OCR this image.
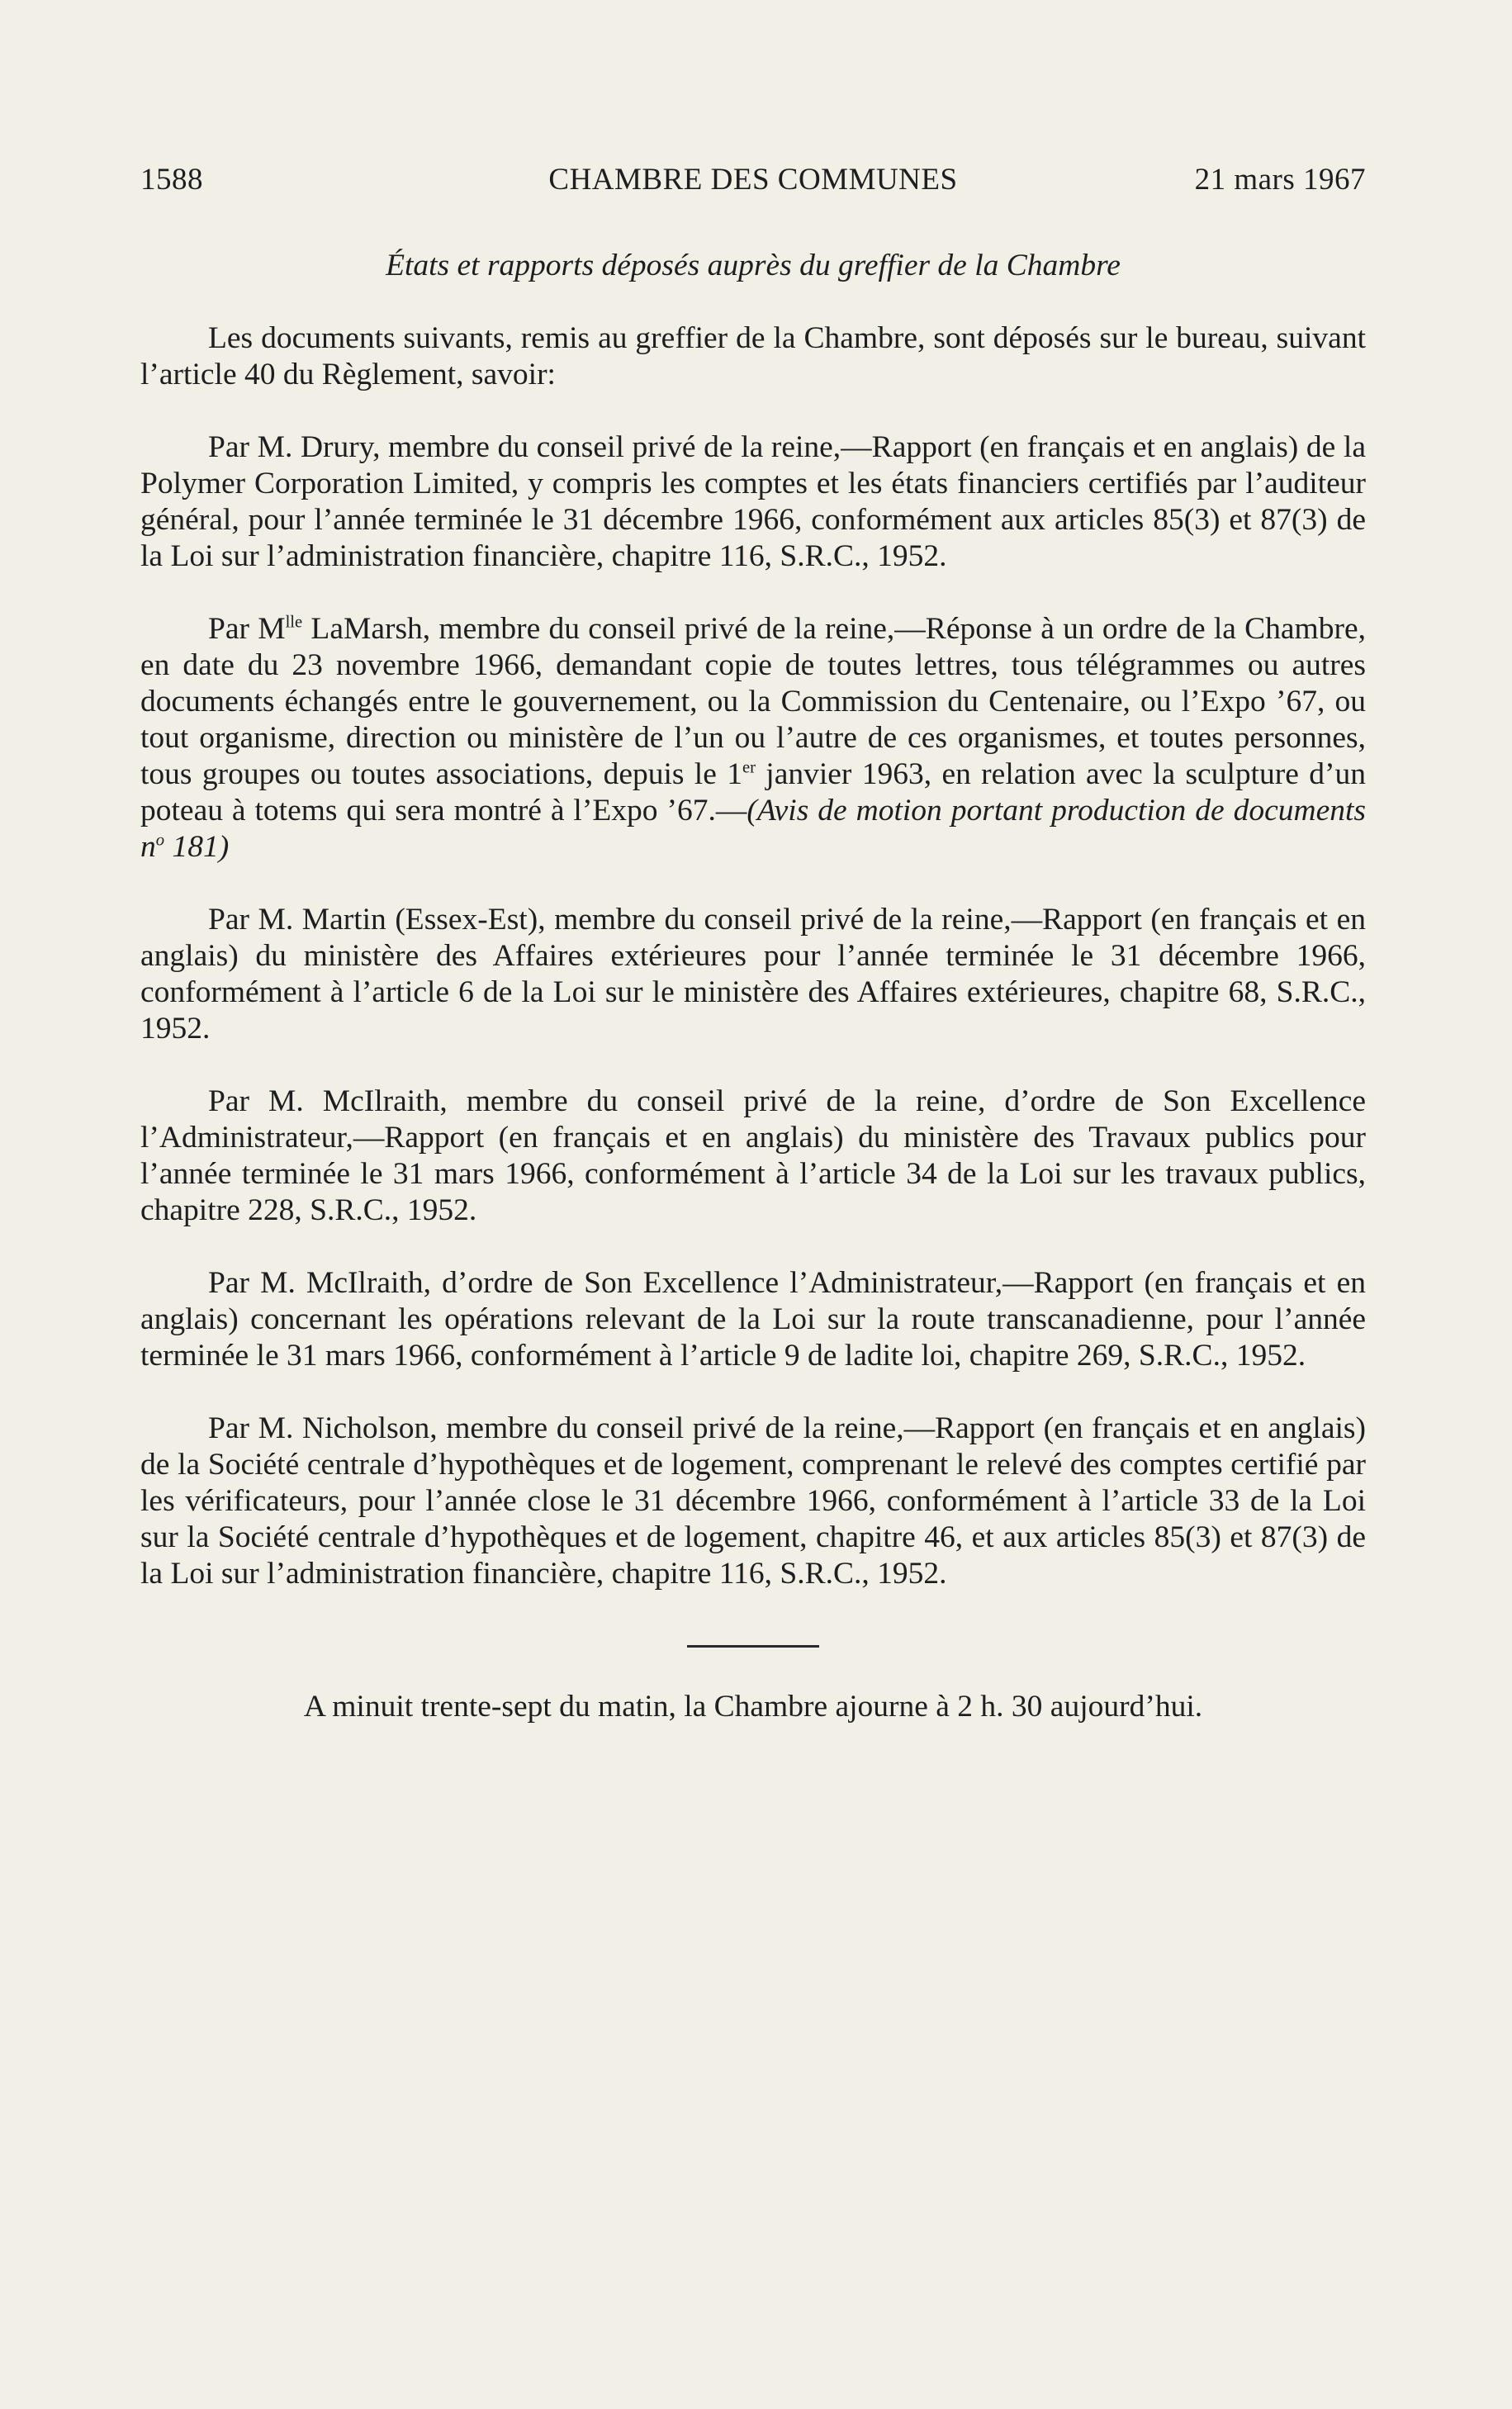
1588	CHAMBRE DES COMMUNES	21 mars 1967

États et rapports déposés auprès du greffier de la Chambre

Les documents suivants, remis au greffier de la Chambre, sont déposés sur le bureau, suivant l’article 40 du Règlement, savoir:

Par M. Drury, membre du conseil privé de la reine,—Rapport (en français et en anglais) de la Polymer Corporation Limited, y compris les comptes et les états financiers certifiés par l’auditeur général, pour l’année terminée le 31 décembre 1966, conformément aux articles 85(3) et 87(3) de la Loi sur l’administration financière, chapitre 116, S.R.C., 1952.

Par $M^{lle}$ LaMarsh, membre du conseil privé de la reine,—Réponse à un ordre de la Chambre, en date du 23 novembre 1966, demandant copie de toutes lettres, tous télégrammes ou autres documents échangés entre le gouvernement, ou la Commission du Centenaire, ou l’Expo ’67, ou tout organisme, direction ou ministère de l’un ou l’autre de ces organismes, et toutes personnes, tous groupes ou toutes associations, depuis le 1er janvier 1963, en relation avec la sculpture d’un poteau à totems qui sera montré à l’Expo ’67.—(Avis de motion portant production de documents $n^o$ 181)

Par M. Martin (Essex-Est), membre du conseil privé de la reine,—Rapport (en français et en anglais) du ministère des Affaires extérieures pour l’année terminée le 31 décembre 1966, conformément à l’article 6 de la Loi sur le ministère des Affaires extérieures, chapitre 68, S.R.C., 1952.

Par M. McIlraith, membre du conseil privé de la reine, d’ordre de Son Excellence l’Administrateur,—Rapport (en français et en anglais) du ministère des Travaux publics pour l’année terminée le 31 mars 1966, conformément à l’article 34 de la Loi sur les travaux publics, chapitre 228, S.R.C., 1952.

Par M. McIlraith, d’ordre de Son Excellence l’Administrateur,—Rapport (en français et en anglais) concernant les opérations relevant de la Loi sur la route transcanadienne, pour l’année terminée le 31 mars 1966, conformément à l’article 9 de ladite loi, chapitre 269, S.R.C., 1952.

Par M. Nicholson, membre du conseil privé de la reine,—Rapport (en français et en anglais) de la Société centrale d’hypothèques et de logement, comprenant le relevé des comptes certifié par les vérificateurs, pour l’année close le 31 décembre 1966, conformément à l’article 33 de la Loi sur la Société centrale d’hypothèques et de logement, chapitre 46, et aux articles 85(3) et 87(3) de la Loi sur l’administration financière, chapitre 116, S.R.C., 1952.

A minuit trente-sept du matin, la Chambre ajourne à 2 h. 30 aujourd’hui.
